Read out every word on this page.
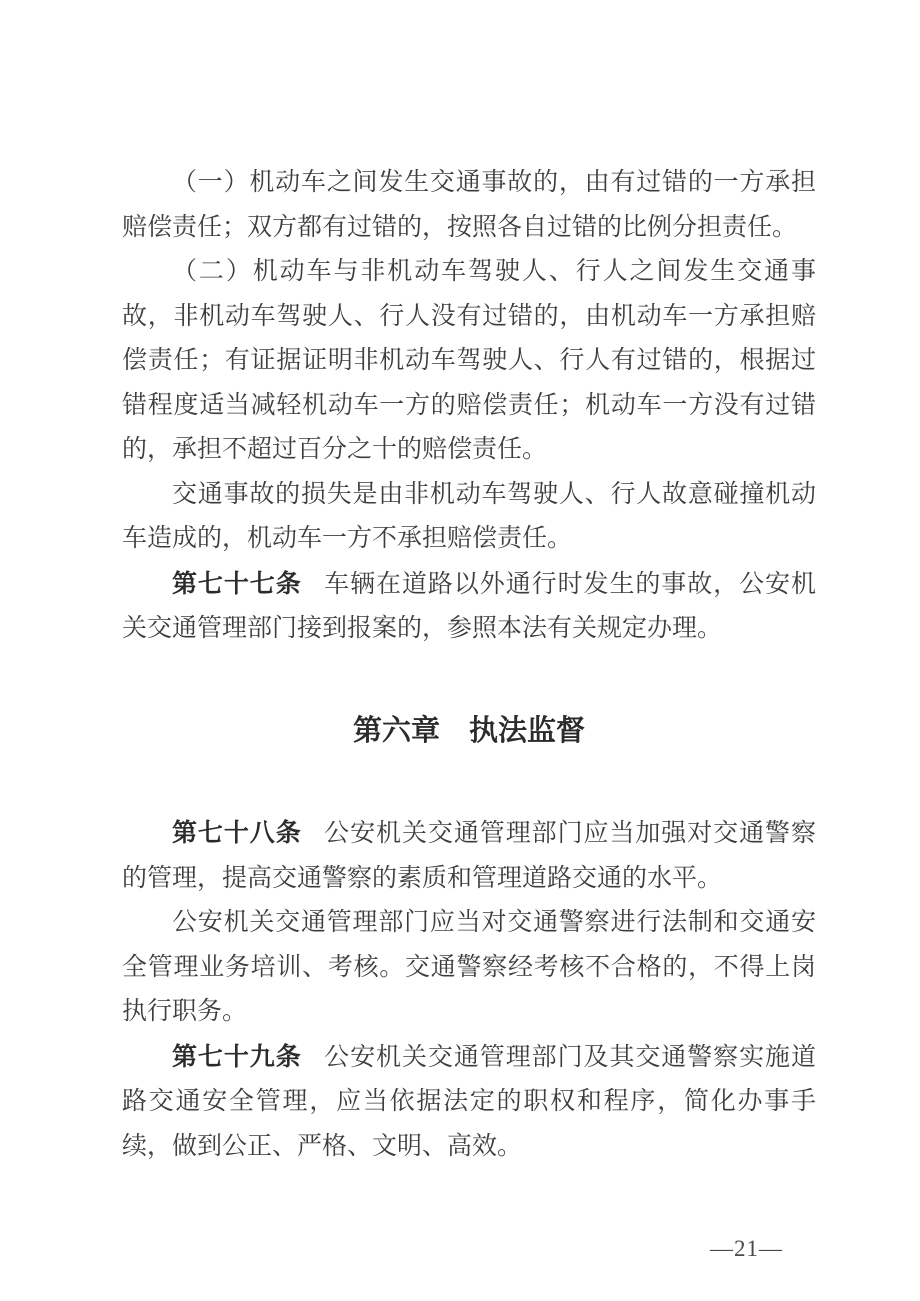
（一）机动车之间发生交通事故的，由有过错的一方承担赔偿责任；双方都有过错的，按照各自过错的比例分担责任。

（二）机动车与非机动车驾驶人、行人之间发生交通事故，非机动车驾驶人、行人没有过错的，由机动车一方承担赔偿责任；有证据证明非机动车驾驶人、行人有过错的，根据过错程度适当减轻机动车一方的赔偿责任；机动车一方没有过错的，承担不超过百分之十的赔偿责任。

交通事故的损失是由非机动车驾驶人、行人故意碰撞机动车造成的，机动车一方不承担赔偿责任。

第七十七条 车辆在道路以外通行时发生的事故，公安机关交通管理部门接到报案的，参照本法有关规定办理。

第六章　执法监督

第七十八条 公安机关交通管理部门应当加强对交通警察的管理，提高交通警察的素质和管理道路交通的水平。

公安机关交通管理部门应当对交通警察进行法制和交通安全管理业务培训、考核。交通警察经考核不合格的，不得上岗执行职务。

第七十九条 公安机关交通管理部门及其交通警察实施道路交通安全管理，应当依据法定的职权和程序，简化办事手续，做到公正、严格、文明、高效。

—21—
